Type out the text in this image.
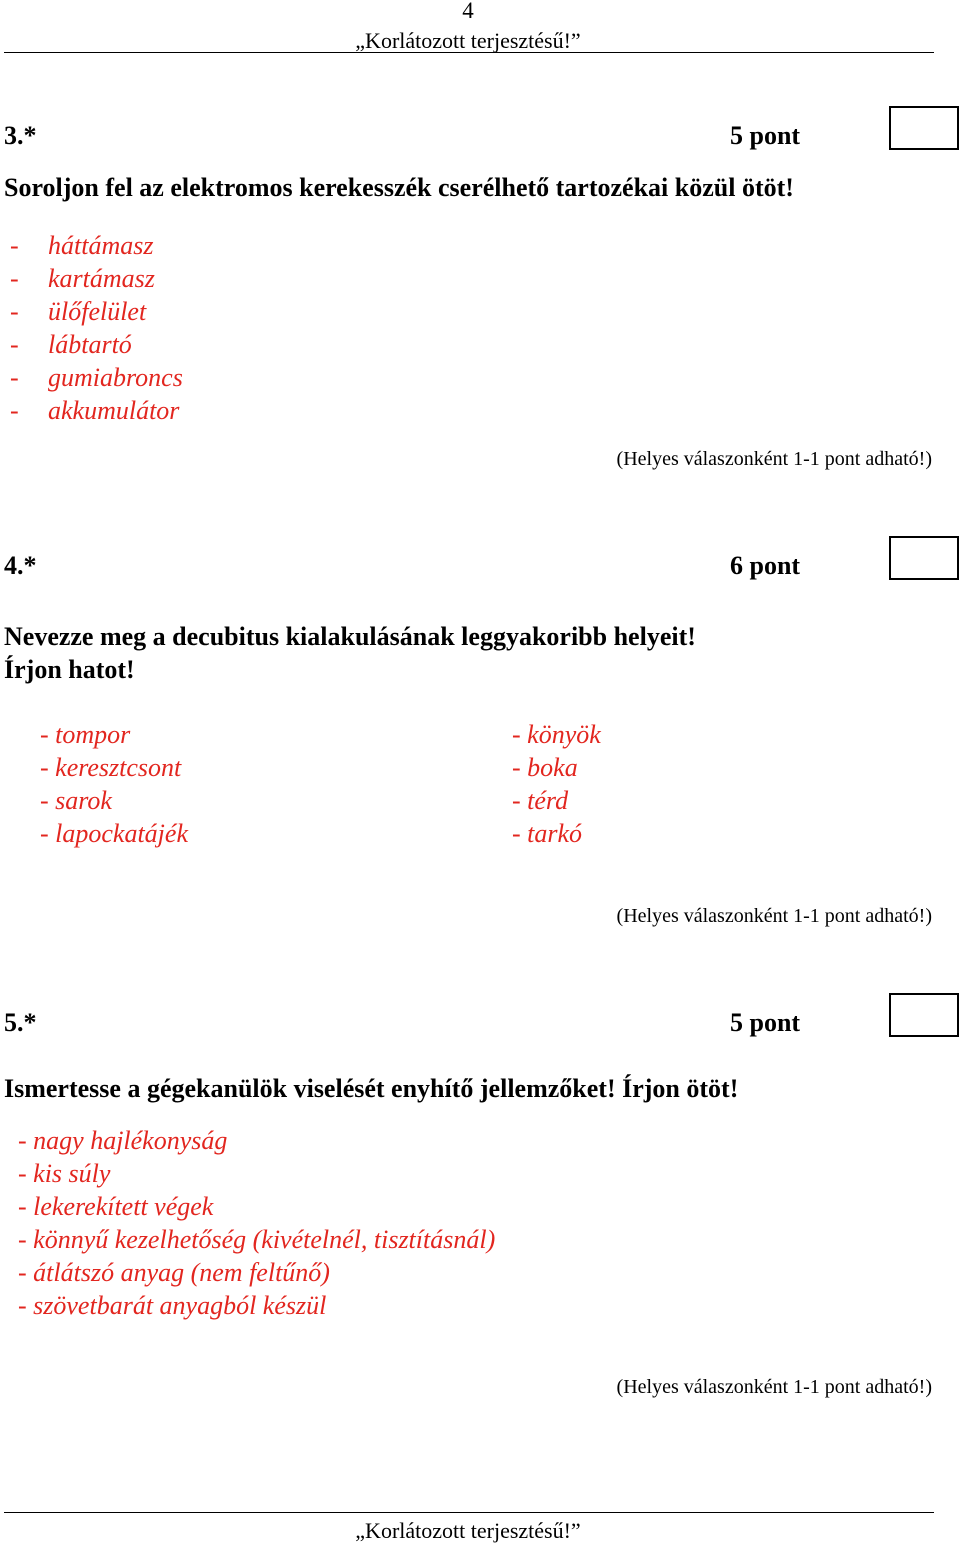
4
„Korlátozott terjesztésű!”
3.*	5 pont
Soroljon fel az elektromos kerekesszék cserélhető tartozékai közül ötöt!
- háttámasz
- kartámasz
- ülőfelület
- lábtartó
- gumiabroncs
- akkumulátor
(Helyes válaszonként 1-1 pont adható!)
4.*	6 pont
Nevezze meg a decubitus kialakulásának leggyakoribb helyeit!
Írjon hatot!
- tompor
- keresztcsont
- sarok
- lapockatájék
- könyök
- boka
- térd
- tarkó
(Helyes válaszonként 1-1 pont adható!)
5.*	5 pont
Ismertesse a gégekanülök viselését enyhítő jellemzőket! Írjon ötöt!
- nagy hajlékonyság
- kis súly
- lekerekített végek
- könnyű kezelhetőség (kivételnél, tisztításnál)
- átlátszó anyag (nem feltűnő)
- szövetbarát anyagból készül
(Helyes válaszonként 1-1 pont adható!)
„Korlátozott terjesztésű!”
